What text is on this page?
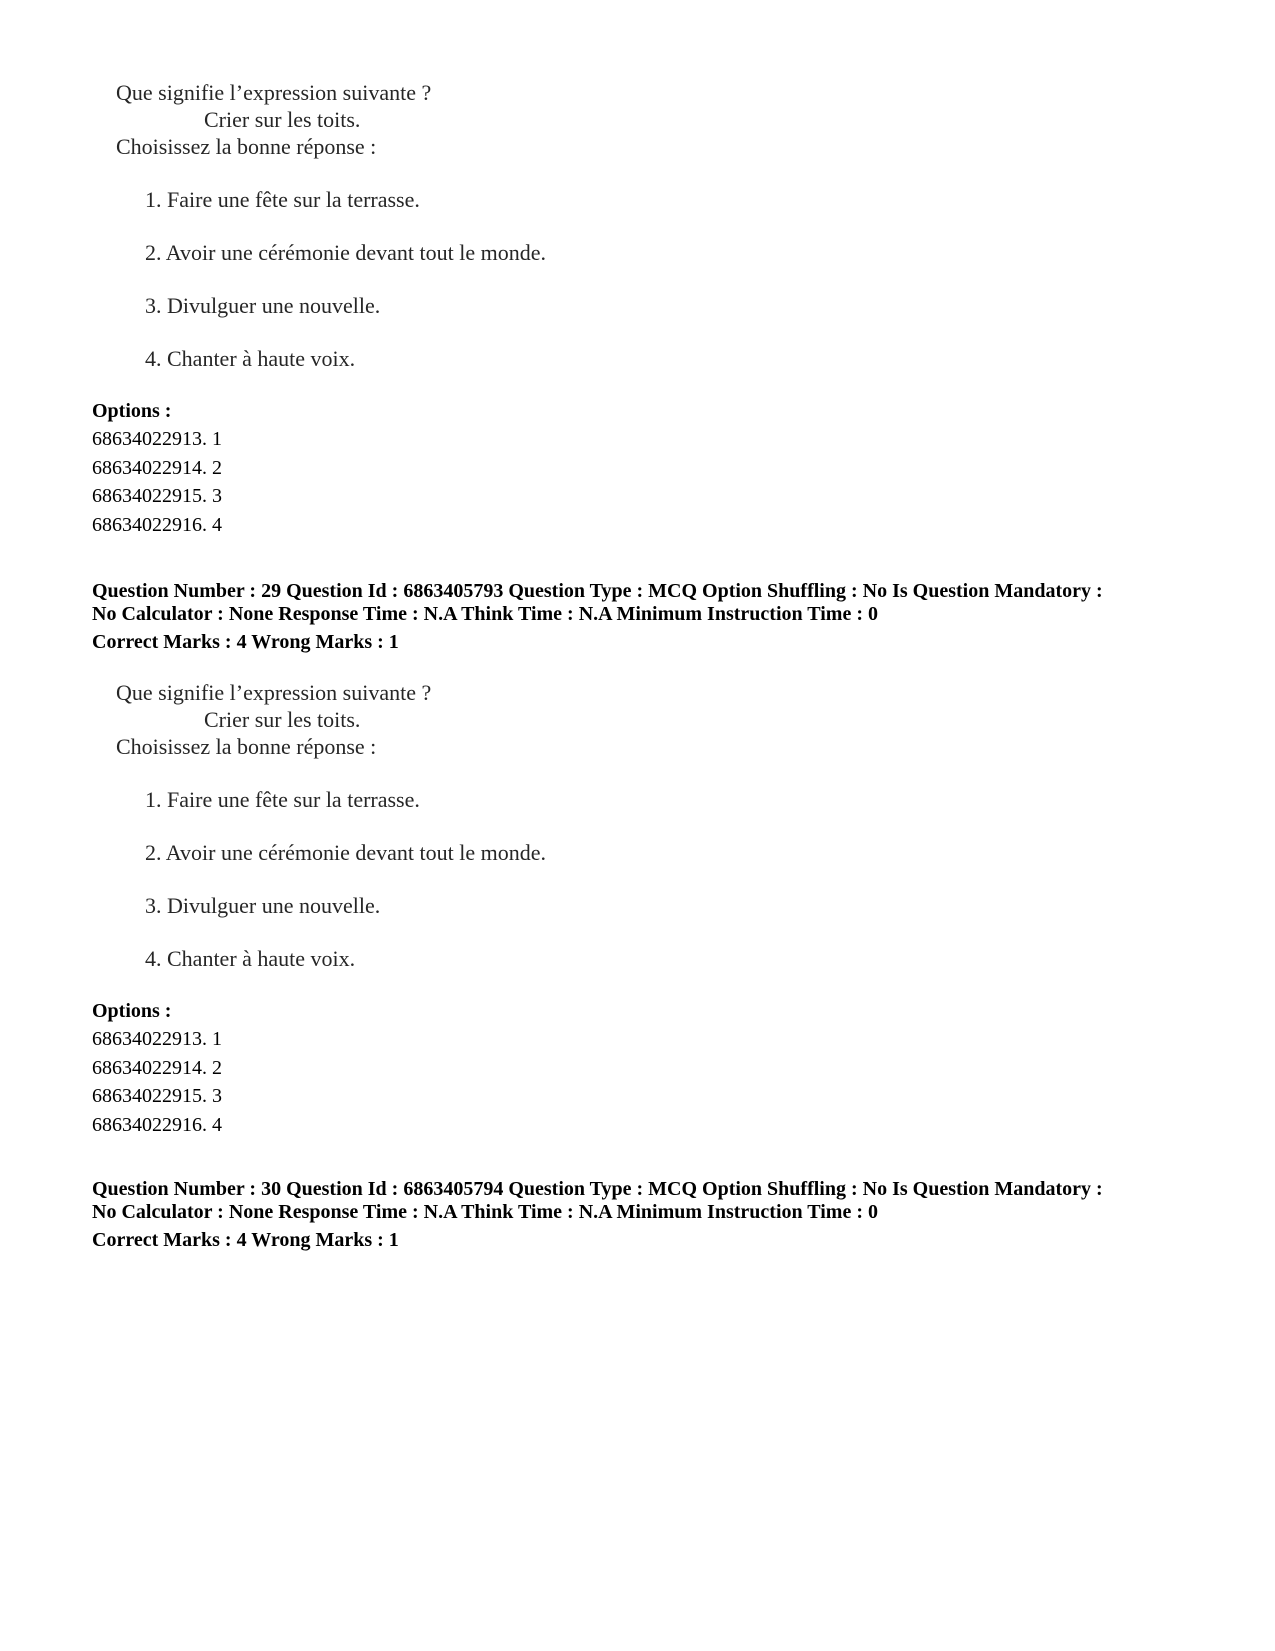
Que signifie l’expression suivante ?
Crier sur les toits.
Choisissez la bonne réponse :
1. Faire une fête sur la terrasse.
2. Avoir une cérémonie devant tout le monde.
3. Divulguer une nouvelle.
4. Chanter à haute voix.
Options :
68634022913. 1
68634022914. 2
68634022915. 3
68634022916. 4
Question Number : 29 Question Id : 6863405793 Question Type : MCQ Option Shuffling : No Is Question Mandatory :
No Calculator : None Response Time : N.A Think Time : N.A Minimum Instruction Time : 0
Correct Marks : 4 Wrong Marks : 1
Que signifie l’expression suivante ?
Crier sur les toits.
Choisissez la bonne réponse :
1. Faire une fête sur la terrasse.
2. Avoir une cérémonie devant tout le monde.
3. Divulguer une nouvelle.
4. Chanter à haute voix.
Options :
68634022913. 1
68634022914. 2
68634022915. 3
68634022916. 4
Question Number : 30 Question Id : 6863405794 Question Type : MCQ Option Shuffling : No Is Question Mandatory :
No Calculator : None Response Time : N.A Think Time : N.A Minimum Instruction Time : 0
Correct Marks : 4 Wrong Marks : 1
